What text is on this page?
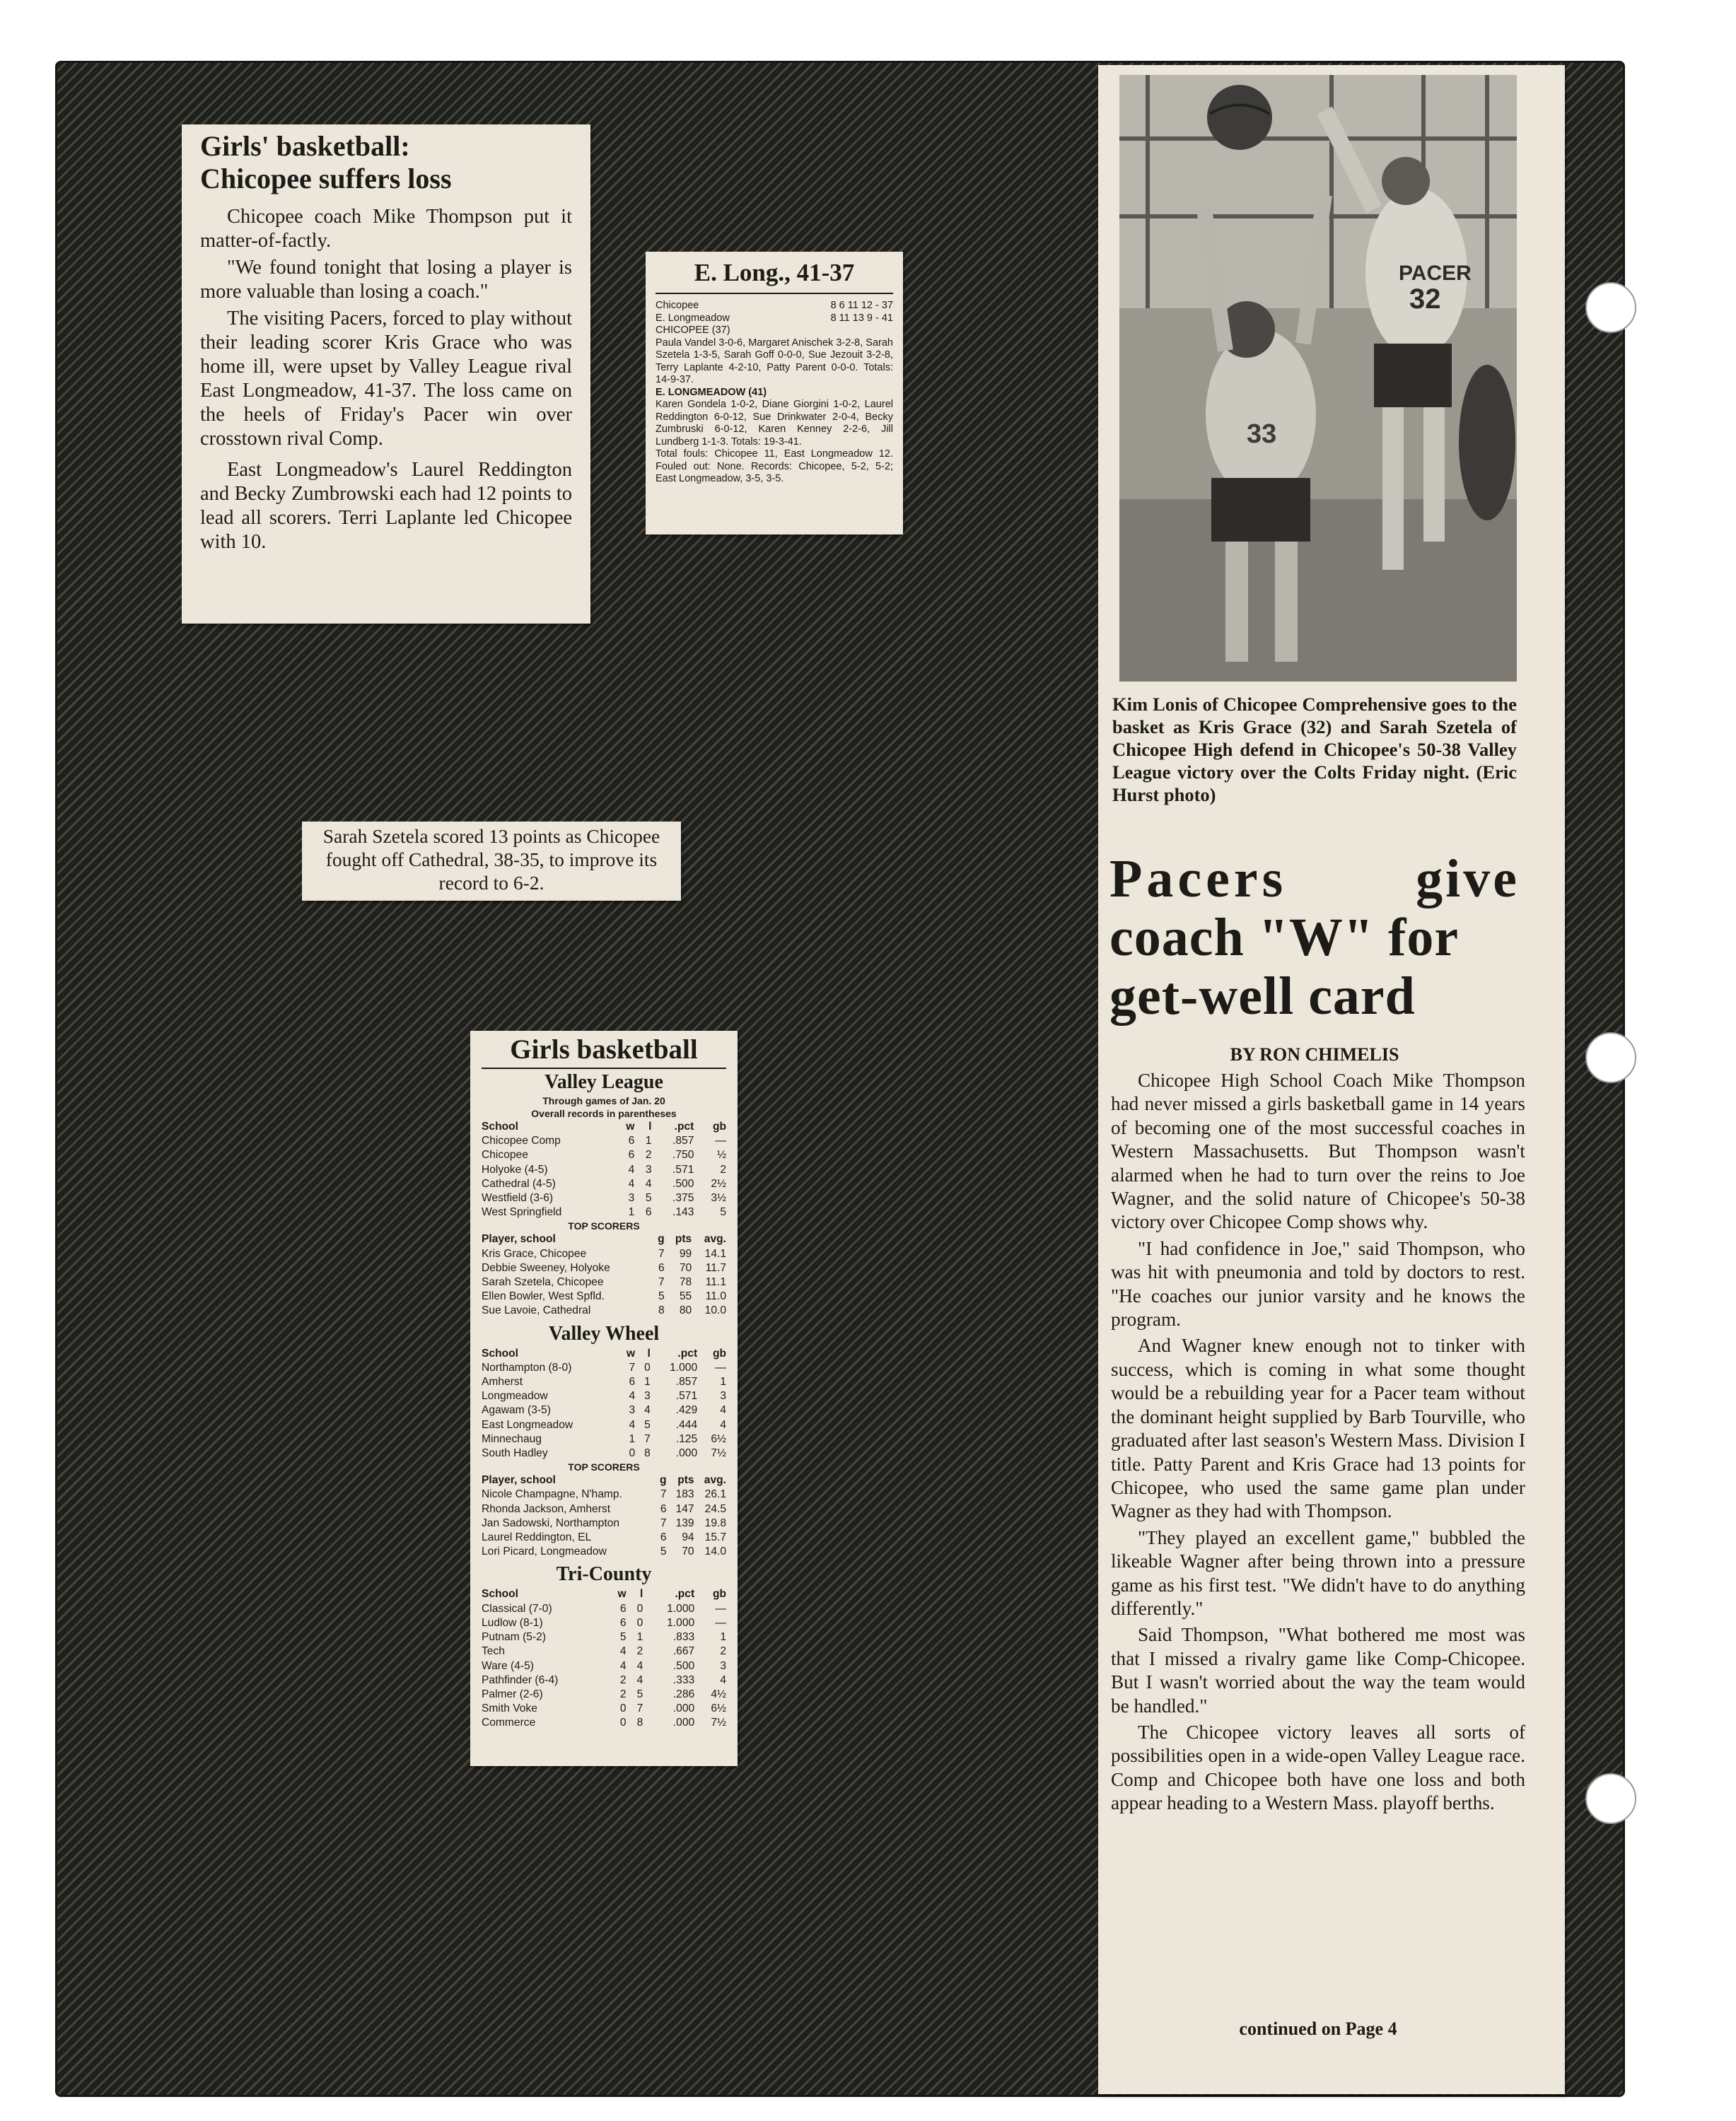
Girls' basketball:
Chicopee suffers loss

Chicopee coach Mike Thompson put it matter-of-factly.

"We found tonight that losing a player is more valuable than losing a coach."

The visiting Pacers, forced to play without their leading scorer Kris Grace who was home ill, were upset by Valley League rival East Longmeadow, 41-37. The loss came on the heels of Friday's Pacer win over crosstown rival Comp.

East Longmeadow's Laurel Reddington and Becky Zumbrowski each had 12 points to lead all scorers. Terri Laplante led Chicopee with 10.

E. Long., 41-37
Chicopee	8 6 11 12 - 37
E. Longmeadow	8 11 13 9 - 41
CHICOPEE (37)
Paula Vandel 3-0-6, Margaret Anischek 3-2-8, Sarah Szetela 1-3-5, Sarah Goff 0-0-0, Sue Jezouit 3-2-8, Terry Laplante 4-2-10, Patty Parent 0-0-0. Totals: 14-9-37.
E. LONGMEADOW (41)
Karen Gondela 1-0-2, Diane Giorgini 1-0-2, Laurel Reddington 6-0-12, Sue Drinkwater 2-0-4, Becky Zumbruski 6-0-12, Karen Kenney 2-2-6, Jill Lundberg 1-1-3. Totals: 19-3-41.
Total fouls: Chicopee 11, East Longmeadow 12. Fouled out: None. Records: Chicopee, 5-2, 5-2; East Longmeadow, 3-5, 3-5.
Sarah Szetela scored 13 points as Chicopee fought off Cathedral, 38-35, to improve its record to 6-2.
Girls basketball
Valley League
Through games of Jan. 20
Overall records in parentheses
School	w	l	.pct	gb
Chicopee Comp	6	1	.857	—
Chicopee	6	2	.750	½
Holyoke (4-5)	4	3	.571	2
Cathedral (4-5)	4	4	.500	2½
Westfield (3-6)	3	5	.375	3½
West Springfield	1	6	.143	5
TOP SCORERS
Player, school	g	pts	avg.
Kris Grace, Chicopee	7	99	14.1
Debbie Sweeney, Holyoke	6	70	11.7
Sarah Szetela, Chicopee	7	78	11.1
Ellen Bowler, West Spfld.	5	55	11.0
Sue Lavoie, Cathedral	8	80	10.0
Valley Wheel
School	w	l	.pct	gb
Northampton (8-0)	7	0	1.000	—
Amherst	6	1	.857	1
Longmeadow	4	3	.571	3
Agawam (3-5)	3	4	.429	4
East Longmeadow	4	5	.444	4
Minnechaug	1	7	.125	6½
South Hadley	0	8	.000	7½
TOP SCORERS
Player, school	g	pts	avg.
Nicole Champagne, N'hamp.	7	183	26.1
Rhonda Jackson, Amherst	6	147	24.5
Jan Sadowski, Northampton	7	139	19.8
Laurel Reddington, EL	6	94	15.7
Lori Picard, Longmeadow	5	70	14.0
Tri-County
School	w	l	.pct	gb
Classical (7-0)	6	0	1.000	—
Ludlow (8-1)	6	0	1.000	—
Putnam (5-2)	5	1	.833	1
Tech	4	2	.667	2
Ware (4-5)	4	4	.500	3
Pathfinder (6-4)	2	4	.333	4
Palmer (2-6)	2	5	.286	4½
Smith Voke	0	7	.000	6½
Commerce	0	8	.000	7½
PACER
32
33
Kim Lonis of Chicopee Comprehensive goes to the basket as Kris Grace (32) and Sarah Szetela of Chicopee High defend in Chicopee's 50-38 Valley League victory over the Colts Friday night. (Eric Hurst photo)
Pacers give
coach "W" for
get-well card
BY RON CHIMELIS

Chicopee High School Coach Mike Thompson had never missed a girls basketball game in 14 years of becoming one of the most successful coaches in Western Massachusetts. But Thompson wasn't alarmed when he had to turn over the reins to Joe Wagner, and the solid nature of Chicopee's 50-38 victory over Chicopee Comp shows why.

"I had confidence in Joe," said Thompson, who was hit with pneumonia and told by doctors to rest. "He coaches our junior varsity and he knows the program.

And Wagner knew enough not to tinker with success, which is coming in what some thought would be a rebuilding year for a Pacer team without the dominant height supplied by Barb Tourville, who graduated after last season's Western Mass. Division I title. Patty Parent and Kris Grace had 13 points for Chicopee, who used the same game plan under Wagner as they had with Thompson.

"They played an excellent game," bubbled the likeable Wagner after being thrown into a pressure game as his first test. "We didn't have to do anything differently."

Said Thompson, "What bothered me most was that I missed a rivalry game like Comp-Chicopee. But I wasn't worried about the way the team would be handled."

The Chicopee victory leaves all sorts of possibilities open in a wide-open Valley League race. Comp and Chicopee both have one loss and both appear heading to a Western Mass. playoff berths.

continued on Page 4
